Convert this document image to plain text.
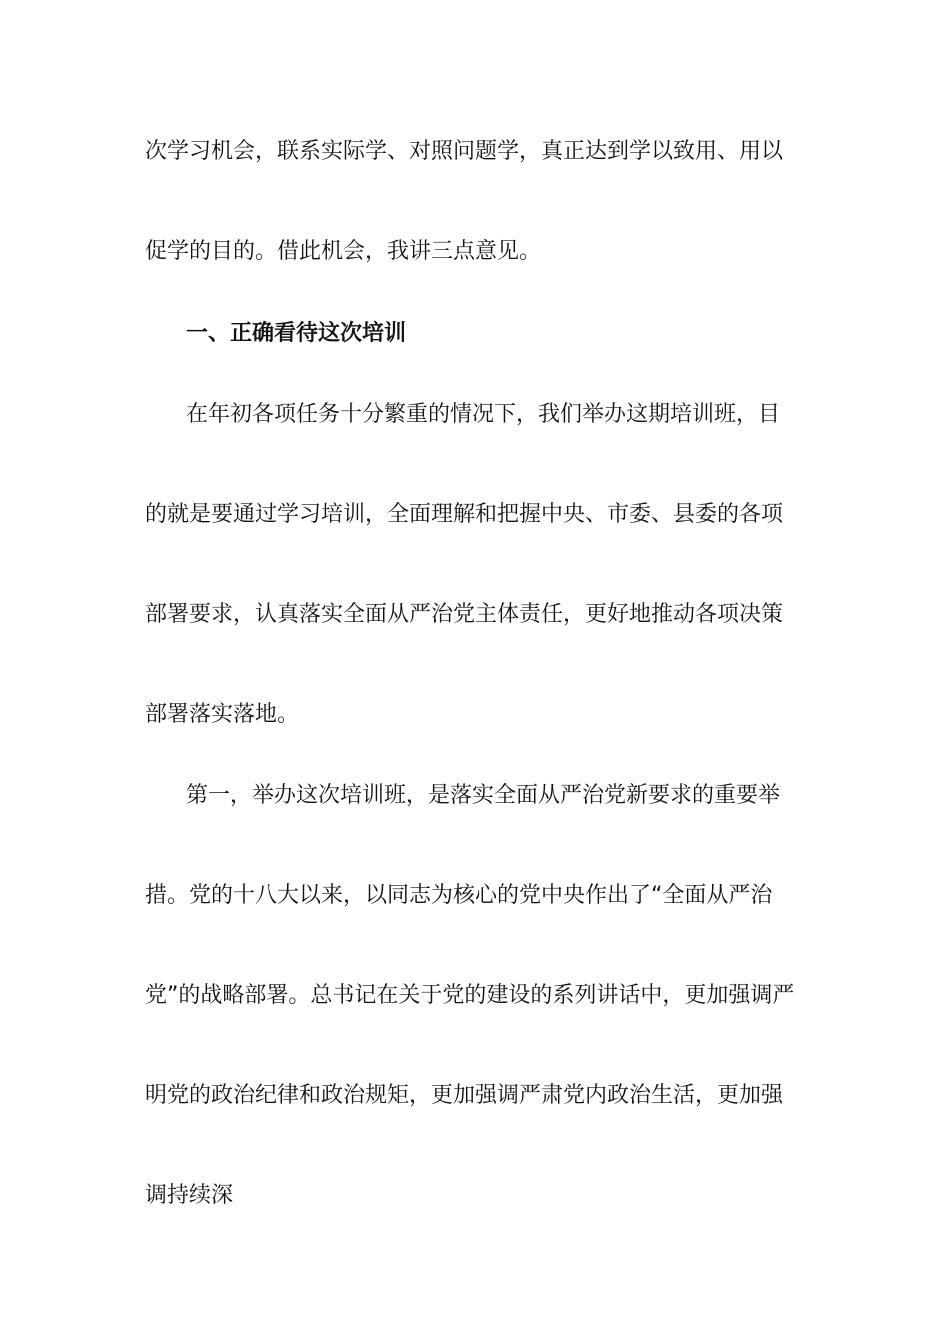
次学习机会，联系实际学、对照问题学，真正达到学以致用、用以
促学的目的。借此机会，我讲三点意见。
一、正确看待这次培训
在年初各项任务十分繁重的情况下，我们举办这期培训班，目
的就是要通过学习培训，全面理解和把握中央、市委、县委的各项
部署要求，认真落实全面从严治党主体责任，更好地推动各项决策
部署落实落地。
第一，举办这次培训班，是落实全面从严治党新要求的重要举
措。党的十八大以来，以同志为核心的党中央作出了“全面从严治
党”的战略部署。总书记在关于党的建设的系列讲话中，更加强调严
明党的政治纪律和政治规矩，更加强调严肃党内政治生活，更加强
调持续深
